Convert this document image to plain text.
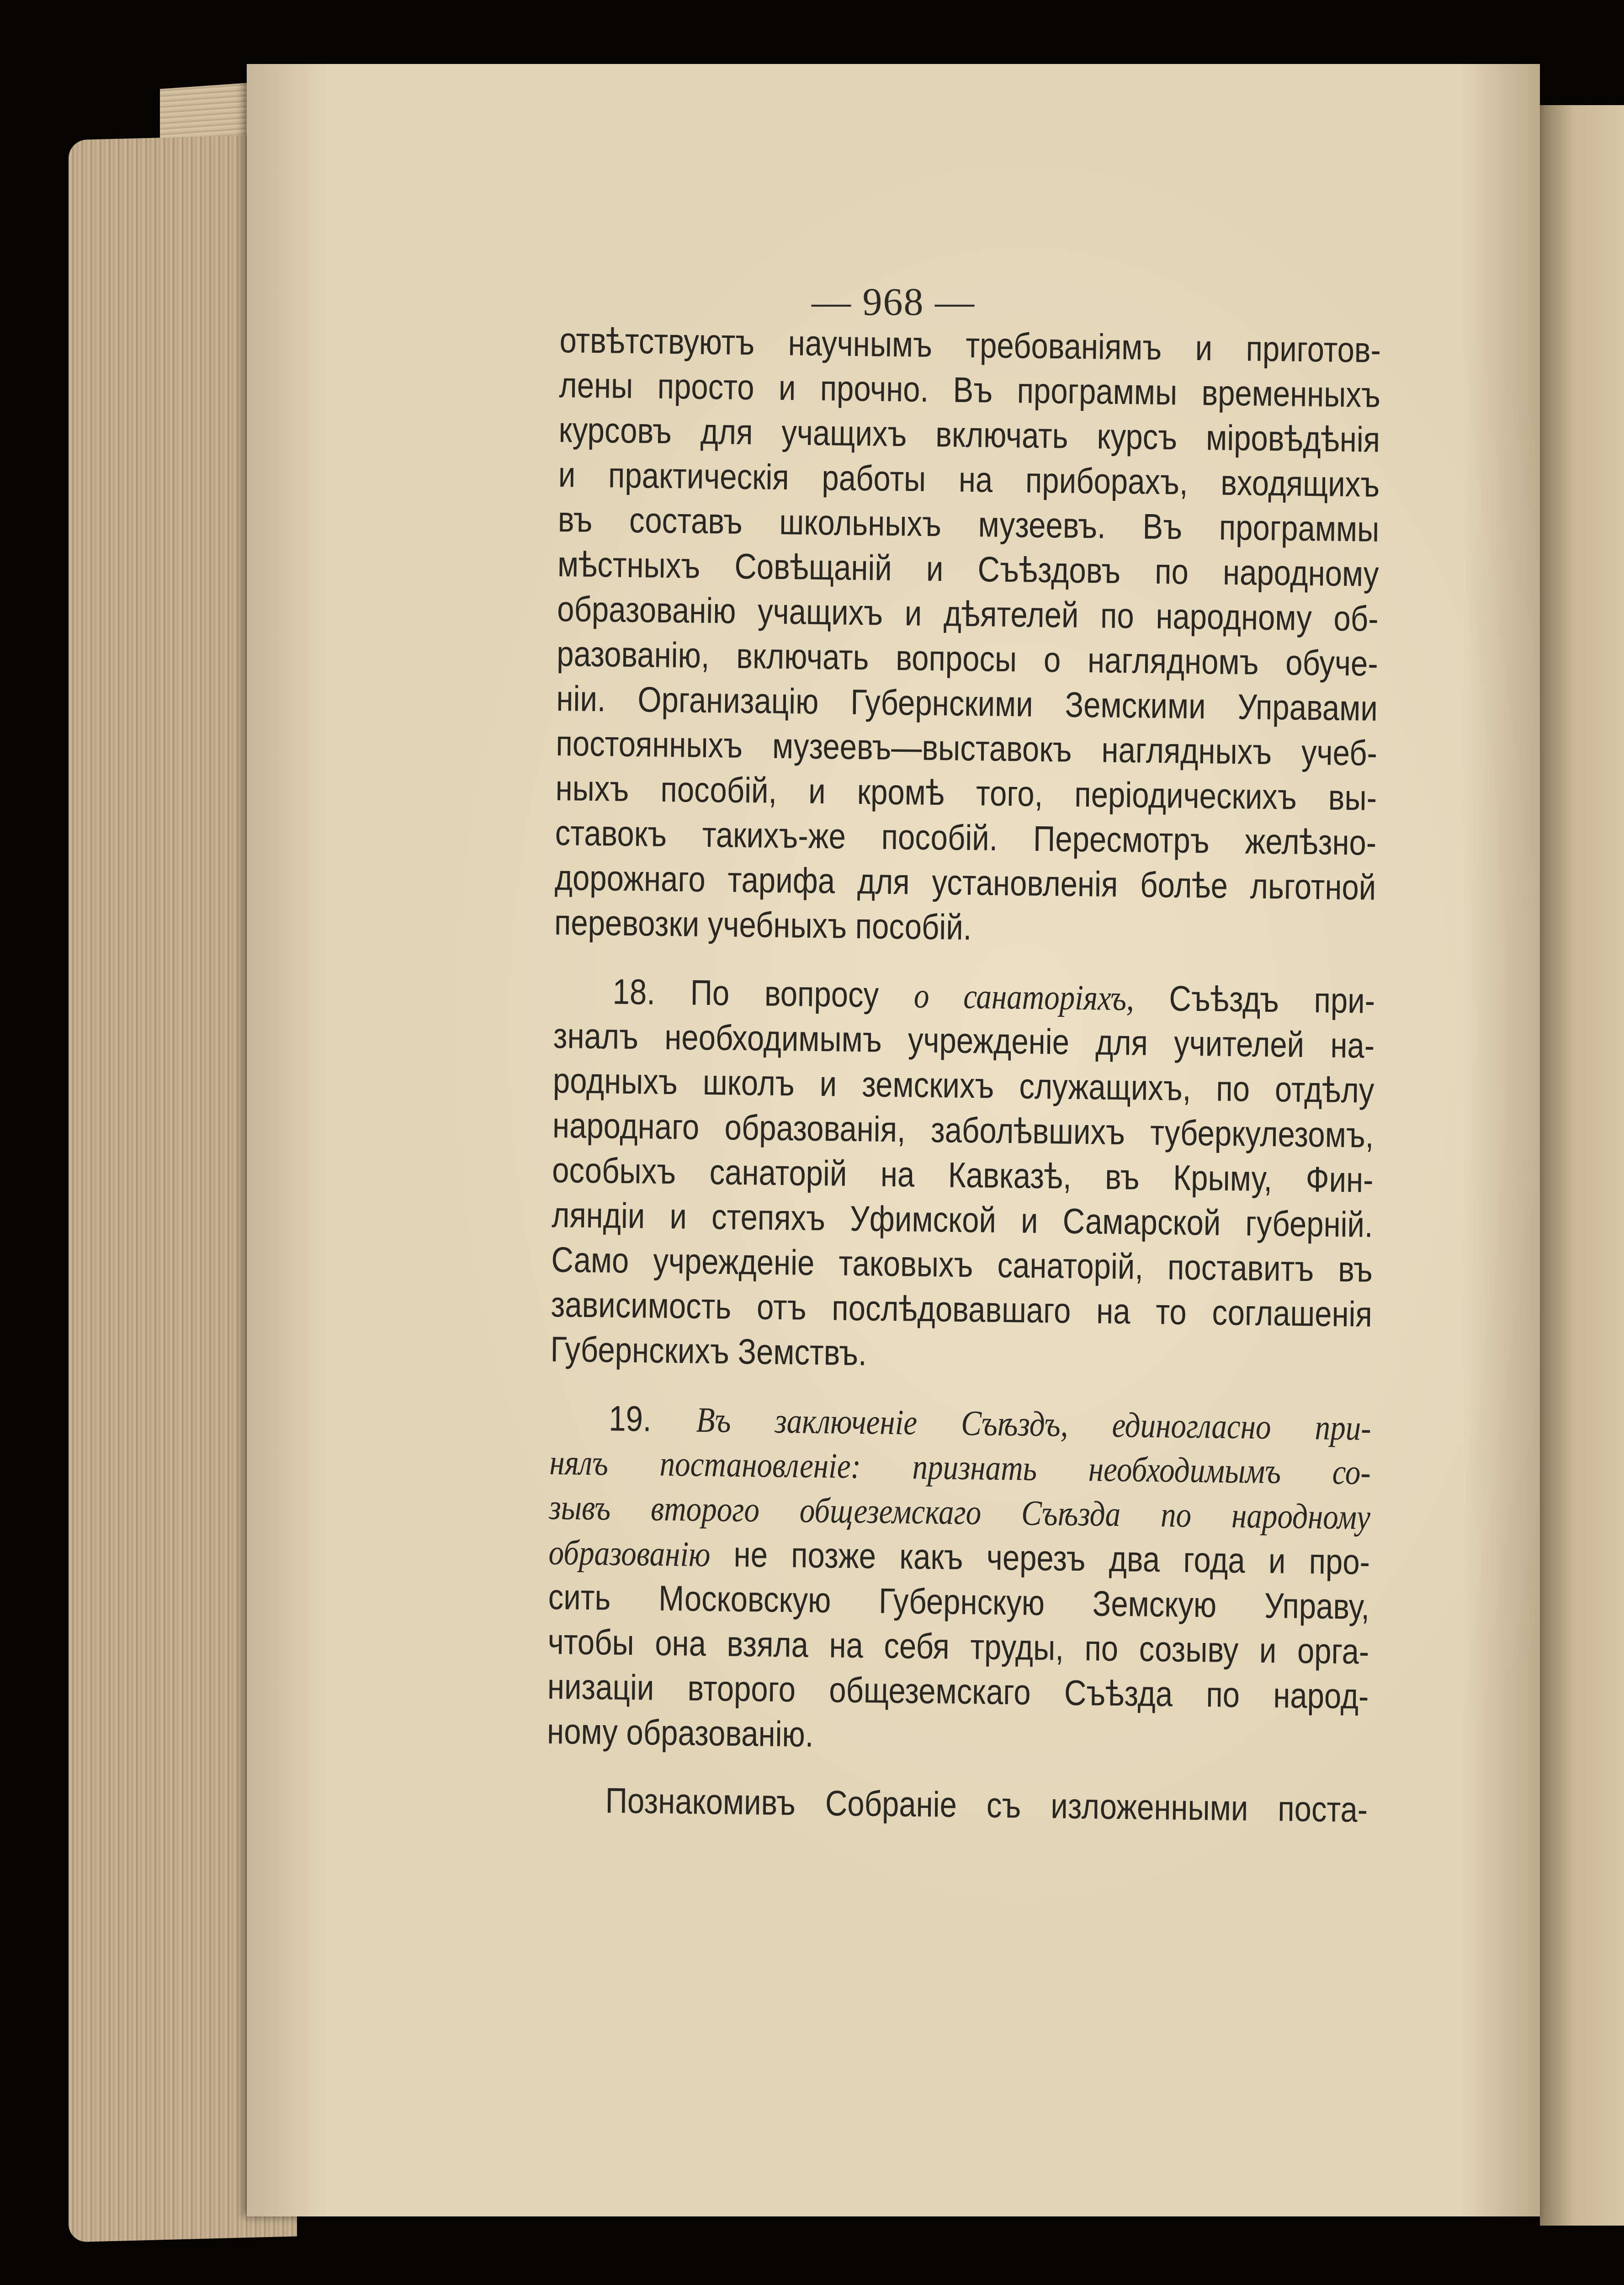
— 968 —
отвѣтствуютъ научнымъ требованіямъ и приготов-
лены просто и прочно. Въ программы временныхъ
курсовъ для учащихъ включать курсъ міровѣдѣнія
и практическія работы на приборахъ, входящихъ
въ составъ школьныхъ музеевъ. Въ программы
мѣстныхъ Совѣщаній и Съѣздовъ по народному
образованію учащихъ и дѣятелей по народному об-
разованію, включать вопросы о наглядномъ обуче-
ніи. Организацію Губернскими Земскими Управами
постоянныхъ музеевъ—выставокъ наглядныхъ учеб-
ныхъ пособій, и кромѣ того, періодическихъ вы-
ставокъ такихъ-же пособій. Пересмотръ желѣзно-
дорожнаго тарифа для установленія болѣе льготной
перевозки учебныхъ пособій.
18. По вопросу о санаторіяхъ, Съѣздъ при-
зналъ необходимымъ учрежденіе для учителей на-
родныхъ школъ и земскихъ служащихъ, по отдѣлу
народнаго образованія, заболѣвшихъ туберкулезомъ,
особыхъ санаторій на Кавказѣ, въ Крыму, Фин-
ляндіи и степяхъ Уфимской и Самарской губерній.
Само учрежденіе таковыхъ санаторій, поставитъ въ
зависимость отъ послѣдовавшаго на то соглашенія
Губернскихъ Земствъ.
19. Въ заключеніе Съѣздъ, единогласно при-
нялъ постановленіе: признать необходимымъ со-
зывъ второго общеземскаго Съѣзда по народному
образованію не позже какъ черезъ два года и про-
сить Московскую Губернскую Земскую Управу,
чтобы она взяла на себя труды, по созыву и орга-
низаціи второго общеземскаго Съѣзда по народ-
ному образованію.
Познакомивъ Собраніе съ изложенными поста-
